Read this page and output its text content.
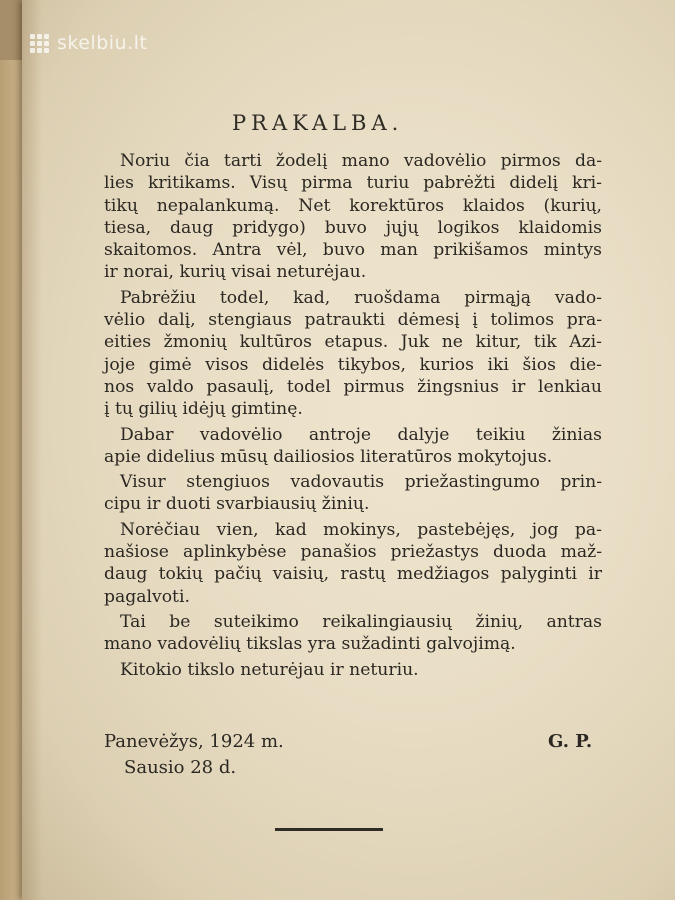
skelbiu.lt
PRAKALBA.
Noriu čia tarti žodelį mano vadovėlio pirmos da-
lies kritikams. Visų pirma turiu pabrėžti didelį kri-
tikų nepalankumą. Net korektūros klaidos (kurių,
tiesa, daug pridygo) buvo jųjų logikos klaidomis
skaitomos. Antra vėl, buvo man prikišamos mintys
ir norai, kurių visai neturėjau.
Pabrėžiu todel, kad, ruošdama pirmąją vado-
vėlio dalį, stengiaus patraukti dėmesį į tolimos pra-
eities žmonių kultūros etapus. Juk ne kitur, tik Azi-
joje gimė visos didelės tikybos, kurios iki šios die-
nos valdo pasaulį, todel pirmus žingsnius ir lenkiau
į tų gilių idėjų gimtinę.
Dabar vadovėlio antroje dalyje teikiu žinias
apie didelius mūsų dailiosios literatūros mokytojus.
Visur stengiuos vadovautis priežastingumo prin-
cipu ir duoti svarbiausių žinių.
Norėčiau vien, kad mokinys, pastebėjęs, jog pa-
našiose aplinkybėse panašios priežastys duoda maž-
daug tokių pačių vaisių, rastų medžiagos palyginti ir
pagalvoti.
Tai be suteikimo reikalingiausių žinių, antras
mano vadovėlių tikslas yra sužadinti galvojimą.
Kitokio tikslo neturėjau ir neturiu.
Panevėžys, 1924 m.
Sausio 28 d.
G. P.
